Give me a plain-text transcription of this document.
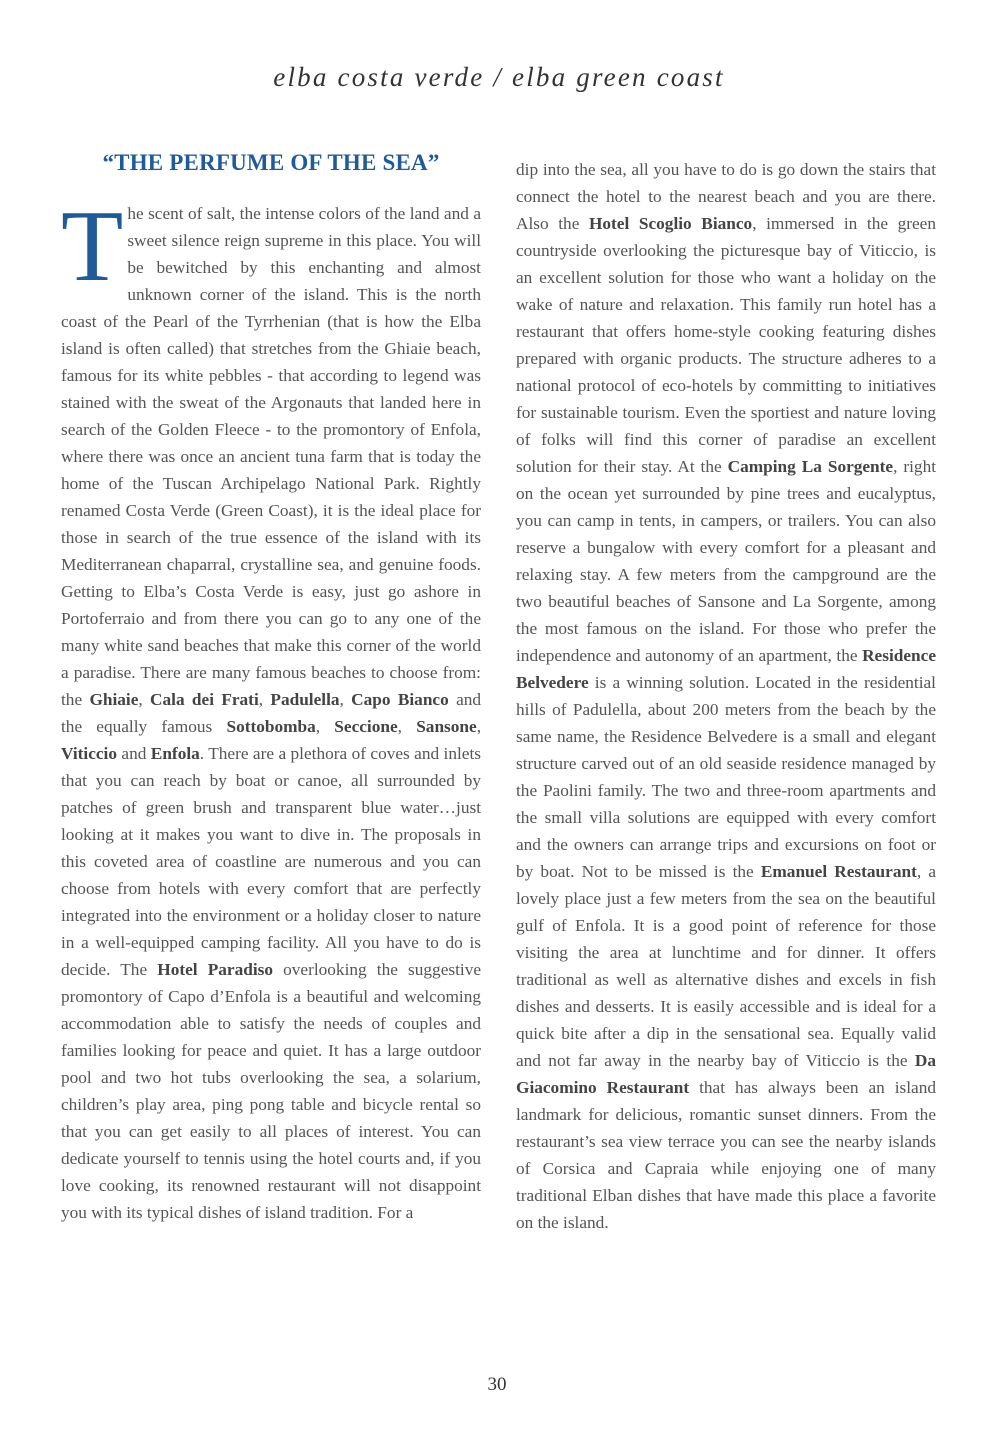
elba costa verde / elba green coast
“THE PERFUME OF THE SEA”

The scent of salt, the intense colors of the land and a sweet silence reign supreme in this place. You will be bewitched by this enchanting and almost unknown corner of the island. This is the north coast of the Pearl of the Tyrrhenian (that is how the Elba island is often called) that stretches from the Ghiaie beach, famous for its white pebbles - that according to legend was stained with the sweat of the Argonauts that landed here in search of the Golden Fleece - to the promontory of Enfola, where there was once an ancient tuna farm that is today the home of the Tuscan Archipelago National Park. Rightly renamed Costa Verde (Green Coast), it is the ideal place for those in search of the true essence of the island with its Mediterranean chaparral, crystalline sea, and genuine foods. Getting to Elba’s Costa Verde is easy, just go ashore in Portoferraio and from there you can go to any one of the many white sand beaches that make this corner of the world a paradise. There are many famous beaches to choose from: the Ghiaie, Cala dei Frati, Padulella, Capo Bianco and the equally famous Sottobomba, Seccione, Sansone, Viticcio and Enfola. There are a plethora of coves and inlets that you can reach by boat or canoe, all surrounded by patches of green brush and transparent blue water…just looking at it makes you want to dive in. The proposals in this coveted area of coastline are numerous and you can choose from hotels with every comfort that are perfectly integrated into the environment or a holiday closer to nature in a well-equipped camping facility. All you have to do is decide. The Hotel Paradiso overlooking the suggestive promontory of Capo d’Enfola is a beautiful and welcoming accommodation able to satisfy the needs of couples and families looking for peace and quiet. It has a large outdoor pool and two hot tubs overlooking the sea, a solarium, children’s play area, ping pong table and bicycle rental so that you can get easily to all places of interest. You can dedicate yourself to tennis using the hotel courts and, if you love cooking, its renowned restaurant will not disappoint you with its typical dishes of island tradition. For a

dip into the sea, all you have to do is go down the stairs that connect the hotel to the nearest beach and you are there. Also the Hotel Scoglio Bianco, immersed in the green countryside overlooking the picturesque bay of Viticcio, is an excellent solution for those who want a holiday on the wake of nature and relaxation. This family run hotel has a restaurant that offers home-style cooking featuring dishes prepared with organic products. The structure adheres to a national protocol of eco-hotels by committing to initiatives for sustainable tourism. Even the sportiest and nature loving of folks will find this corner of paradise an excellent solution for their stay. At the Camping La Sorgente, right on the ocean yet surrounded by pine trees and eucalyptus, you can camp in tents, in campers, or trailers. You can also reserve a bungalow with every comfort for a pleasant and relaxing stay. A few meters from the campground are the two beautiful beaches of Sansone and La Sorgente, among the most famous on the island. For those who prefer the independence and autonomy of an apartment, the Residence Belvedere is a winning solution. Located in the residential hills of Padulella, about 200 meters from the beach by the same name, the Residence Belvedere is a small and elegant structure carved out of an old seaside residence managed by the Paolini family. The two and three-room apartments and the small villa solutions are equipped with every comfort and the owners can arrange trips and excursions on foot or by boat. Not to be missed is the Emanuel Restaurant, a lovely place just a few meters from the sea on the beautiful gulf of Enfola. It is a good point of reference for those visiting the area at lunchtime and for dinner. It offers traditional as well as alternative dishes and excels in fish dishes and desserts. It is easily accessible and is ideal for a quick bite after a dip in the sensational sea. Equally valid and not far away in the nearby bay of Viticcio is the Da Giacomino Restaurant that has always been an island landmark for delicious, romantic sunset dinners. From the restaurant’s sea view terrace you can see the nearby islands of Corsica and Capraia while enjoying one of many traditional Elban dishes that have made this place a favorite on the island.

30
